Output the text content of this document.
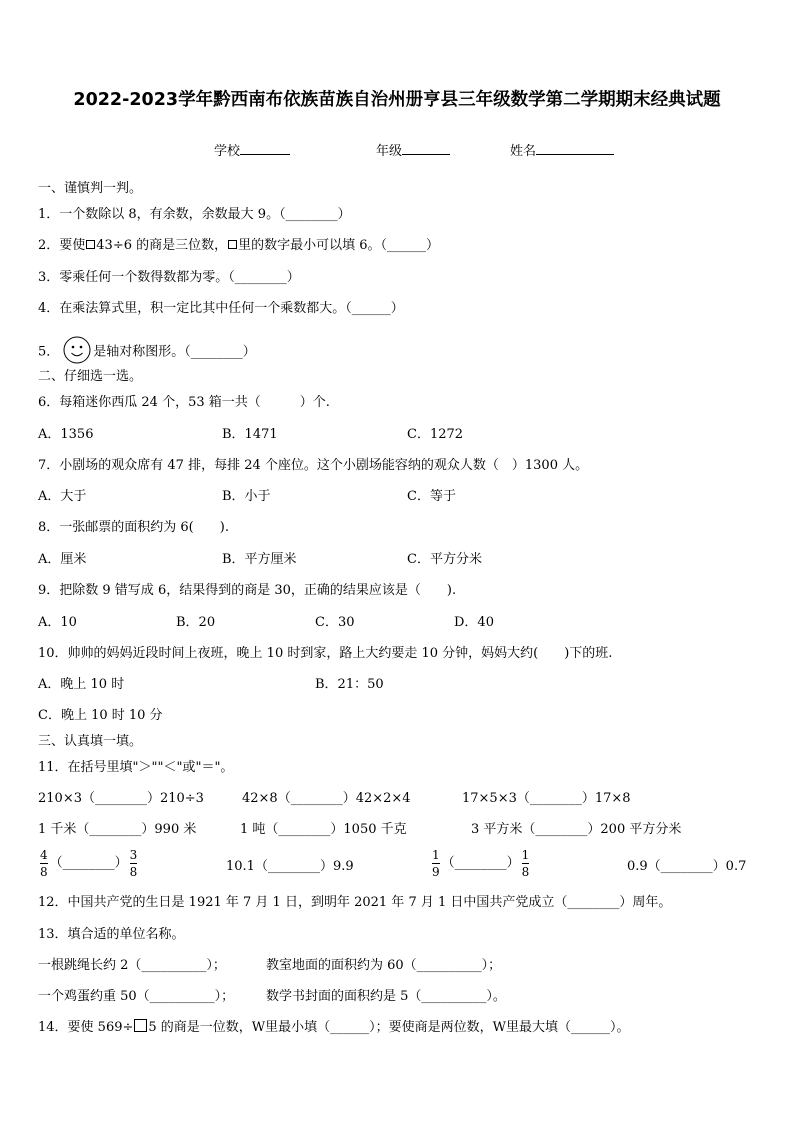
2022-2023学年黔西南布依族苗族自治州册亨县三年级数学第二学期期末经典试题
学校	年级	姓名
一、谨慎判一判。
1．一个数除以 8，有余数，余数最大 9。（________）
2．要使 43÷6 的商是三位数， 里的数字最小可以填 6。（______）
3．零乘任何一个数得数都为零。（________）
4．在乘法算式里，积一定比其中任何一个乘数都大。（______）
5．	是轴对称图形。（________）
二、仔细选一选。
6．每箱迷你西瓜 24 个，53 箱一共（　　　）个.
A．1356	B．1471	C．1272
7．小剧场的观众席有 47 排，每排 24 个座位。这个小剧场能容纳的观众人数（　）1300 人。
A．大于	B．小于	C．等于
8．一张邮票的面积约为 6(　　).
A．厘米	B．平方厘米	C．平方分米
9．把除数 9 错写成 6，结果得到的商是 30，正确的结果应该是（　　).
A．10	B．20	C．30	D．40
10．帅帅的妈妈近段时间上夜班，晚上 10 时到家，路上大约要走 10 分钟，妈妈大约(　　)下的班.
A．晚上 10 时	B．21：50
C．晚上 10 时 10 分
三、认真填一填。
11．在括号里填"＞""＜"或"＝"。
210×3（________）210÷3	42×8（________）42×2×4	17×5×3（________）17×8
1 千米（________）990 米	1 吨（________）1050 千克	3 平方米（________）200 平方分米
$\frac{4}{8}$ （________） $\frac{3}{8}$	10.1（________）9.9	$\frac{1}{9}$ （________） $\frac{1}{8}$	0.9（________）0.7
12．中国共产党的生日是 1921 年 7 月 1 日，到明年 2021 年 7 月 1 日中国共产党成立（________）周年。
13．填合适的单位名称。
一根跳绳长约 2（__________）；	教室地面的面积约为 60（__________）；
一个鸡蛋约重 50（__________）； 数学书封面的面积约是 5（__________）。
14．要使 569÷ 5 的商是一位数，W里最小填（______）；要使商是两位数，W里最大填（______）。
